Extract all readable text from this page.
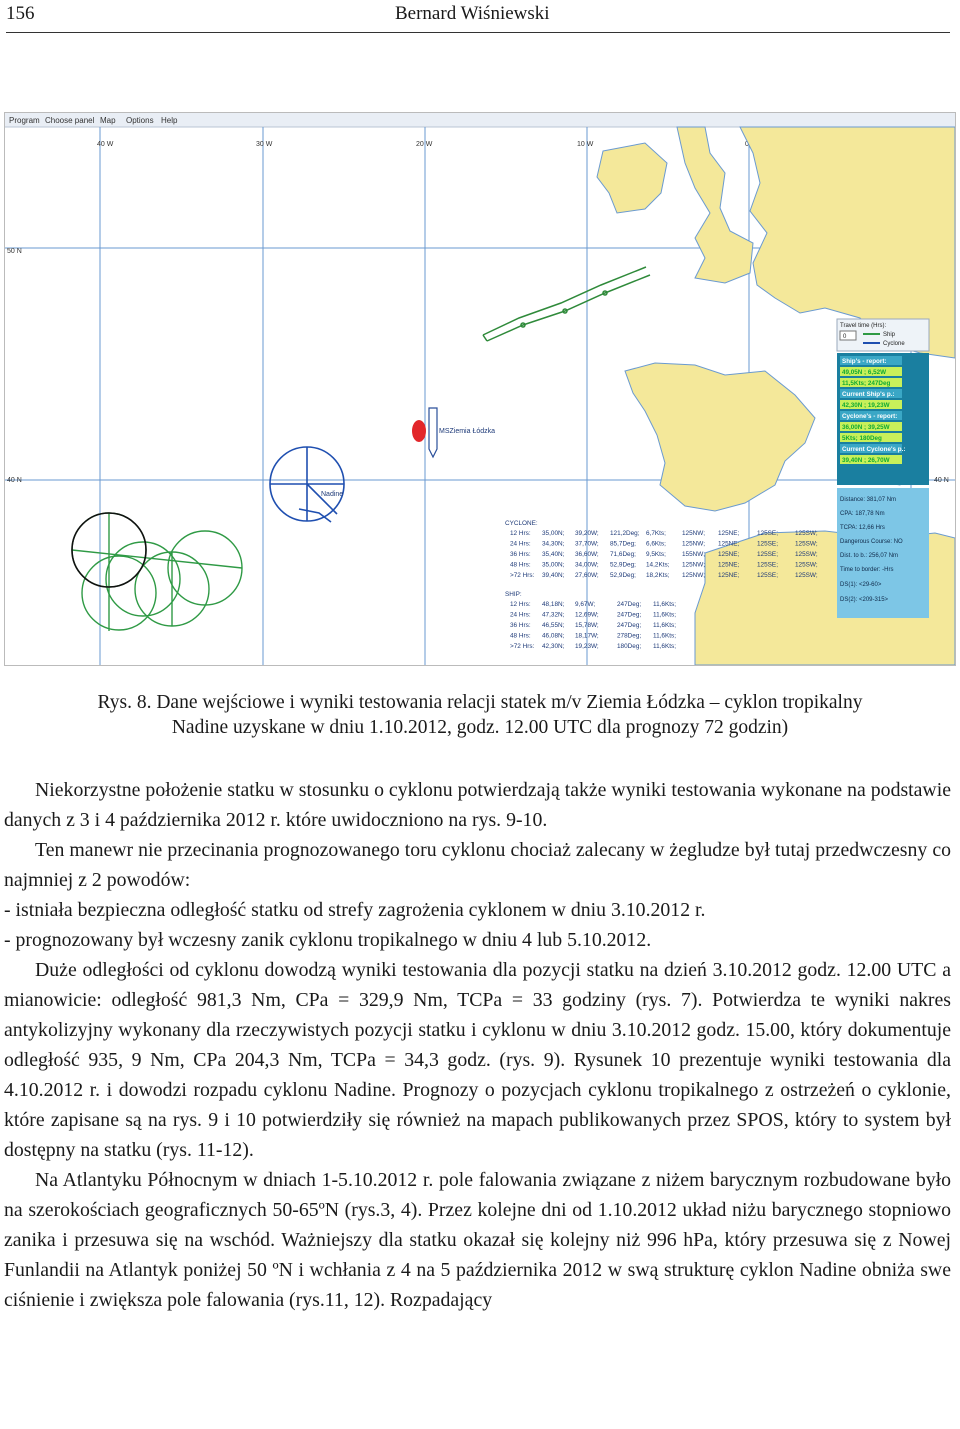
156	Bernard Wiśniewski
Program Choose panel Map Options Help
40 W	30 W	20 W	10 W	0
50 N
40 N	40 N
MSZiemia Łódzka
Nadine
CYCLONE:
12 Hrs: 35,00N; 39,20W; 121,2Deg; 6,7Kts;	125NW; 125NE;	125SE;	125SW;
24 Hrs: 34,30N; 37,70W; 85,7Deg; 6,6Kts;	125NW; 125NE;	125SE;	125SW;
36 Hrs: 35,40N; 36,60W; 71,6Deg; 9,5Kts;	155NW; 125NE;	125SE;	125SW;
48 Hrs: 35,00N; 34,00W; 52,9Deg; 14,2Kts; 125NW; 125NE;	125SE;	125SW;
>72 Hrs: 39,40N; 27,60W; 52,9Deg; 18,2Kts; 125NW; 125NE;	125SE;	125SW;
SHIP:
12 Hrs: 48,18N; 9,67W;	247Deg; 11,6Kts;
24 Hrs: 47,32N; 12,69W;	247Deg; 11,6Kts;
36 Hrs: 46,55N; 15,78W;	247Deg; 11,6Kts;
48 Hrs: 46,08N; 18,17W;	278Deg; 11,6Kts;
>72 Hrs: 42,30N; 19,23W;	180Deg; 11,6Kts;
Travel time (Hrs):
0	Ship
Cyclone
Ship's - report:
49,05N ; 6,52W
11,5Kts; 247Deg
Current Ship's p.:
42,30N ; 19,23W
Cyclone's - report:
36,00N ; 39,25W
5Kts; 180Deg
Current Cyclone's p.:
39,40N ; 26,70W
Distance: 381,07 Nm
CPA: 187,78 Nm
TCPA: 12,66 Hrs
Dangerous Course: NO
Dist. to b.: 256,07 Nm
Time to border: -Hrs
DS(1): <29-60>
DS(2): <209-315>
Rys. 8. Dane wejściowe i wyniki testowania relacji statek m/v Ziemia Łódzka – cyklon tropikalny
Nadine uzyskane w dniu 1.10.2012, godz. 12.00 UTC dla prognozy 72 godzin)

Niekorzystne położenie statku w stosunku o cyklonu potwierdzają także wyniki testowania wykonane na podstawie danych z 3 i 4 października 2012 r. które uwidoczniono na rys. 9-10.

Ten manewr nie przecinania prognozowanego toru cyklonu chociaż zalecany w żegludze był tutaj przedwczesny co najmniej z 2 powodów:

- istniała bezpieczna odległość statku od strefy zagrożenia cyklonem w dniu 3.10.2012 r.

- prognozowany był wczesny zanik cyklonu tropikalnego w dniu 4 lub 5.10.2012.

Duże odległości od cyklonu dowodzą wyniki testowania dla pozycji statku na dzień 3.10.2012 godz. 12.00 UTC a mianowicie: odległość 981,3 Nm, CPa = 329,9 Nm, TCPa = 33 godziny (rys. 7). Potwierdza te wyniki nakres antykolizyjny wykonany dla rzeczywistych pozycji statku i cyklonu w dniu 3.10.2012 godz. 15.00, który dokumentuje odległość 935, 9 Nm, CPa 204,3 Nm, TCPa = 34,3 godz. (rys. 9). Rysunek 10 prezentuje wyniki testowania dla 4.10.2012 r. i dowodzi rozpadu cyklonu Nadine. Prognozy o pozycjach cyklonu tropikalnego z ostrzeżeń o cyklonie, które zapisane są na rys. 9 i 10 potwierdziły się również na mapach publikowanych przez SPOS, który to system był dostępny na statku (rys. 11-12).

Na Atlantyku Północnym w dniach 1-5.10.2012 r. pole falowania związane z niżem barycznym rozbudowane było na szerokościach geograficznych 50-65ºN (rys.3, 4). Przez kolejne dni od 1.10.2012 układ niżu barycznego stopniowo zanika i przesuwa się na wschód. Ważniejszy dla statku okazał się kolejny niż 996 hPa, który przesuwa się z Nowej Funlandii na Atlantyk poniżej 50 ºN i wchłania z 4 na 5 października 2012 w swą strukturę cyklon Nadine obniża swe ciśnienie i zwiększa pole falowania (rys.11, 12). Rozpadający
